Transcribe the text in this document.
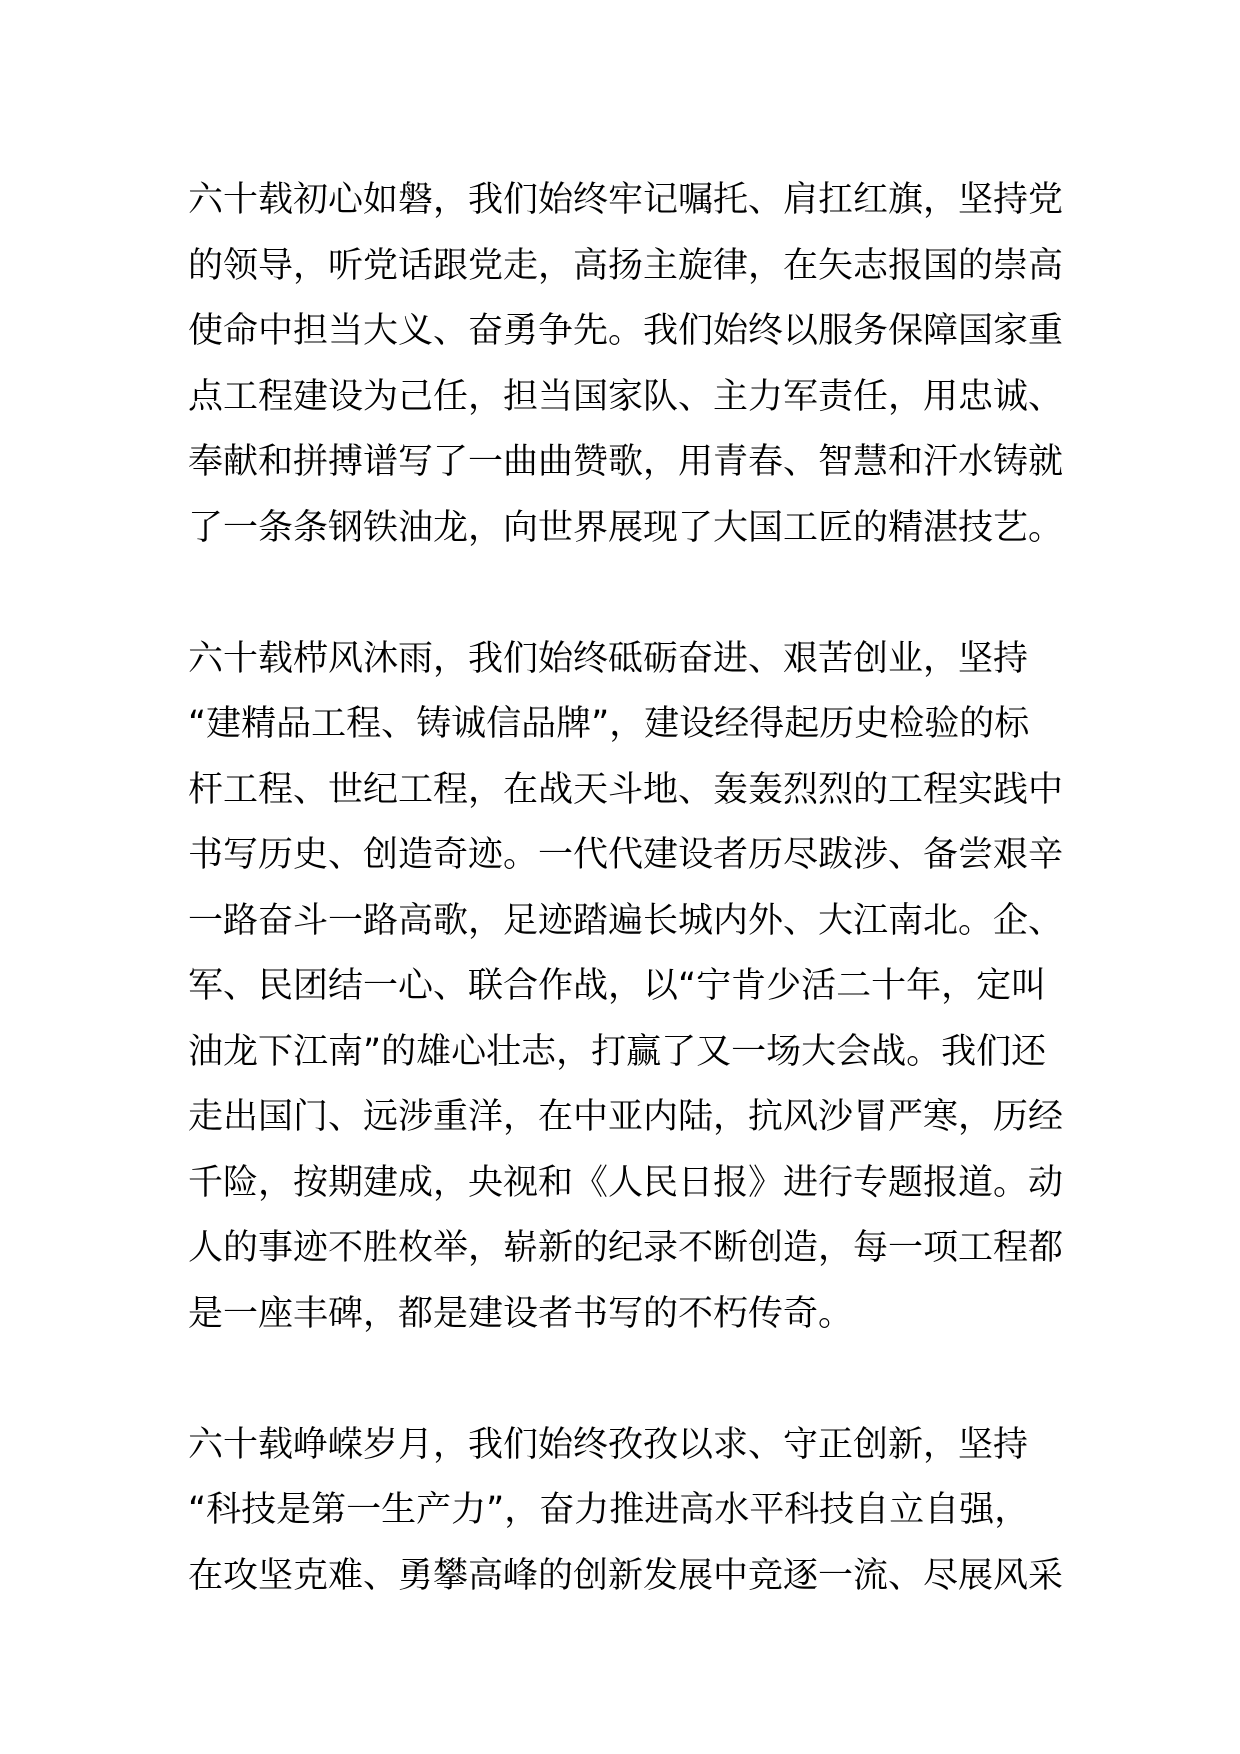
六十载初心如磐，我们始终牢记嘱托、肩扛红旗，坚持党
的领导，听党话跟党走，高扬主旋律，在矢志报国的崇高
使命中担当大义、奋勇争先。我们始终以服务保障国家重
点工程建设为己任，担当国家队、主力军责任，用忠诚、
奉献和拼搏谱写了一曲曲赞歌，用青春、智慧和汗水铸就
了一条条钢铁油龙，向世界展现了大国工匠的精湛技艺。
六十载栉风沐雨，我们始终砥砺奋进、艰苦创业，坚持
“建精品工程、铸诚信品牌”，建设经得起历史检验的标
杆工程、世纪工程，在战天斗地、轰轰烈烈的工程实践中
书写历史、创造奇迹。一代代建设者历尽跋涉、备尝艰辛
一路奋斗一路高歌，足迹踏遍长城内外、大江南北。企、
军、民团结一心、联合作战，以“宁肯少活二十年，定叫
油龙下江南”的雄心壮志，打赢了又一场大会战。我们还
走出国门、远涉重洋，在中亚内陆，抗风沙冒严寒，历经
千险，按期建成，央视和《人民日报》进行专题报道。动
人的事迹不胜枚举，崭新的纪录不断创造，每一项工程都
是一座丰碑，都是建设者书写的不朽传奇。
六十载峥嵘岁月，我们始终孜孜以求、守正创新，坚持
“科技是第一生产力”，奋力推进高水平科技自立自强，
在攻坚克难、勇攀高峰的创新发展中竞逐一流、尽展风采
